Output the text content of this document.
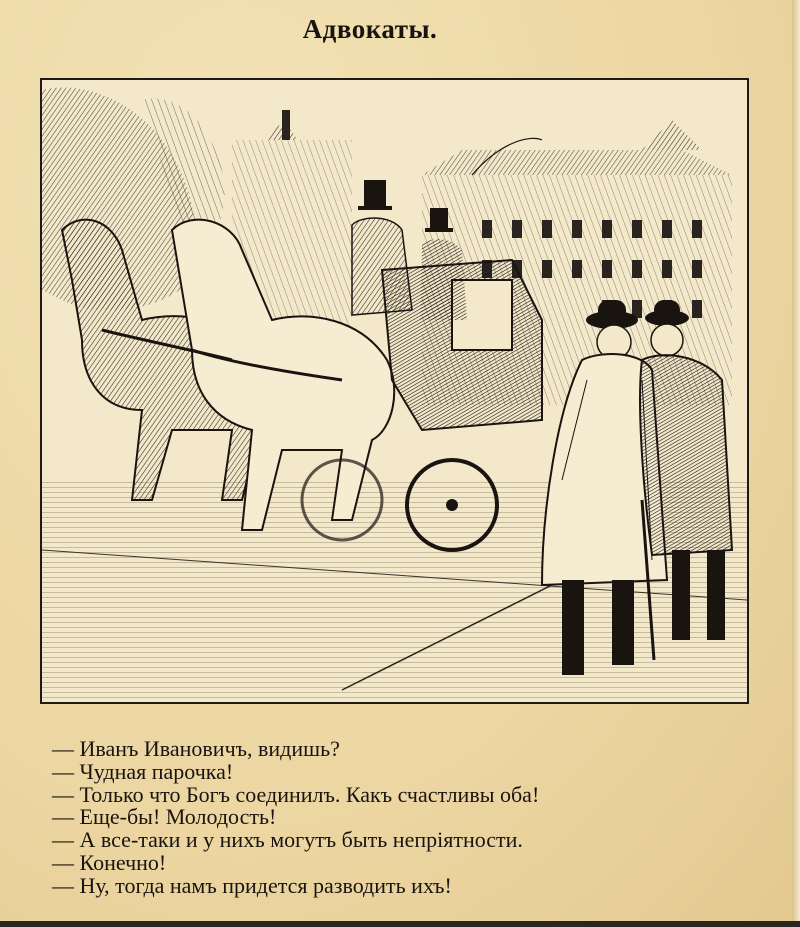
Адвокаты.
— Иванъ Ивановичъ, видишь?
— Чудная парочка!
— Только что Богъ соединилъ. Какъ счастливы оба!
— Еще-бы! Молодость!
— А все-таки и у нихъ могутъ быть непріятности.
— Конечно!
— Ну, тогда намъ придется разводить ихъ!
